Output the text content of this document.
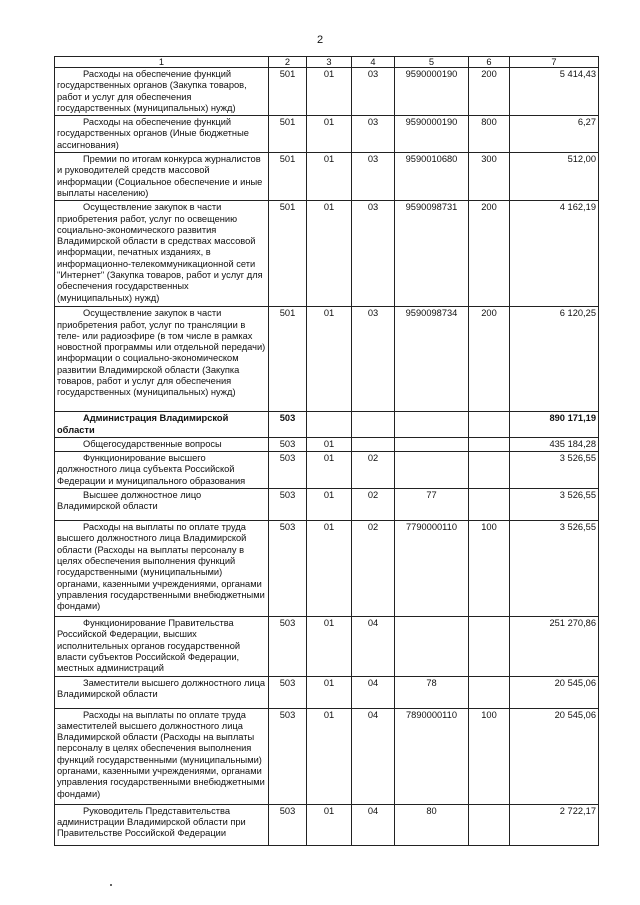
2
1	2	3	4	5	6	7
Расходы на обеспечение функций государственных органов (Закупка товаров, работ и услуг для обеспечения государственных (муниципальных) нужд)	501	01	03	9590000190	200	5 414,43
Расходы на обеспечение функций государственных органов (Иные бюджетные ассигнования)	501	01	03	9590000190	800	6,27
Премии по итогам конкурса журналистов и руководителей средств массовой информации (Социальное обеспечение и иные выплаты населению)	501	01	03	9590010680	300	512,00
Осуществление закупок в части приобретения работ, услуг по освещению социально-экономического развития Владимирской области в средствах массовой информации, печатных изданиях, в информационно-телекоммуникационной сети "Интернет" (Закупка товаров, работ и услуг для обеспечения государственных (муниципальных) нужд)	501	01	03	9590098731	200	4 162,19
Осуществление закупок в части приобретения работ, услуг по трансляции в теле- или радиоэфире (в том числе в рамках новостной программы или отдельной передачи) информации о социально-экономическом развитии Владимирской области (Закупка товаров, работ и услуг для обеспечения государственных (муниципальных) нужд)	501	01	03	9590098734	200	6 120,25
Администрация Владимирской области	503					890 171,19
Общегосударственные вопросы	503	01				435 184,28
Функционирование высшего должностного лица субъекта Российской Федерации и муниципального образования	503	01	02			3 526,55
Высшее должностное лицо Владимирской области	503	01	02	77		3 526,55
Расходы на выплаты по оплате труда высшего должностного лица Владимирской области (Расходы на выплаты персоналу в целях обеспечения выполнения функций государственными (муниципальными) органами, казенными учреждениями, органами управления государственными внебюджетными фондами)	503	01	02	7790000110	100	3 526,55
Функционирование Правительства Российской Федерации, высших исполнительных органов государственной власти субъектов Российской Федерации, местных администраций	503	01	04			251 270,86
Заместители высшего должностного лица Владимирской области	503	01	04	78		20 545,06
Расходы на выплаты по оплате труда заместителей высшего должностного лица Владимирской области (Расходы на выплаты персоналу в целях обеспечения выполнения функций государственными (муниципальными) органами, казенными учреждениями, органами управления государственными внебюджетными фондами)	503	01	04	7890000110	100	20 545,06
Руководитель Представительства администрации Владимирской области при Правительстве Российской Федерации	503	01	04	80		2 722,17
